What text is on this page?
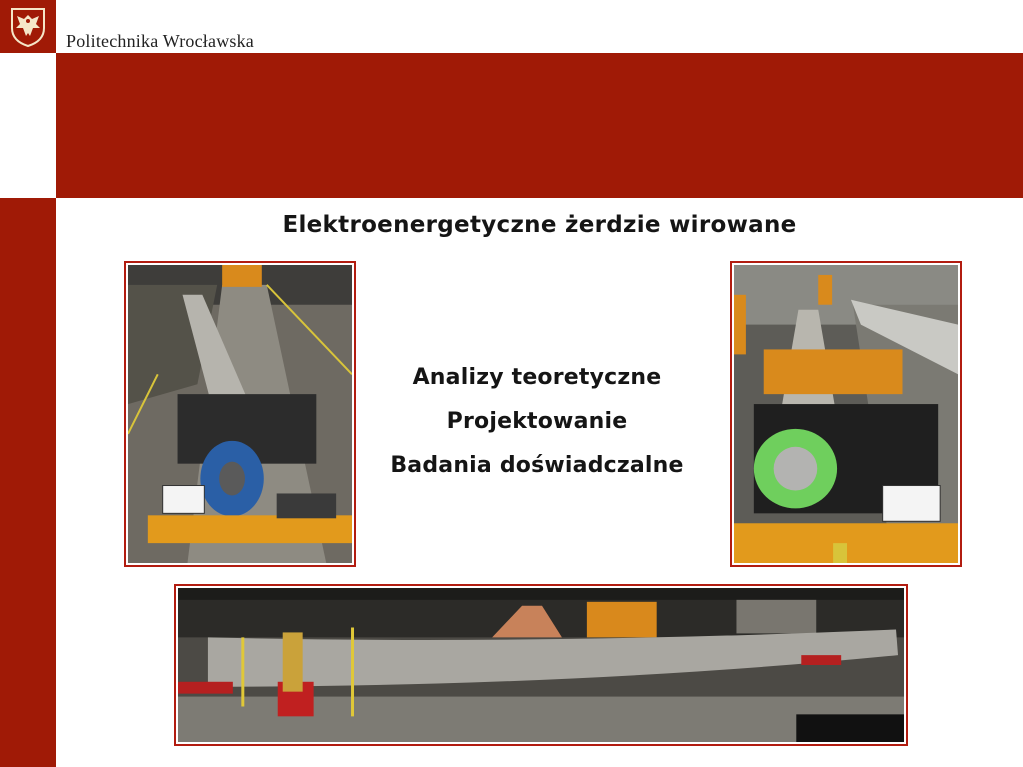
Politechnika Wrocławska
Elektroenergetyczne żerdzie wirowane
Analizy teoretyczne
Projektowanie
Badania doświadczalne
